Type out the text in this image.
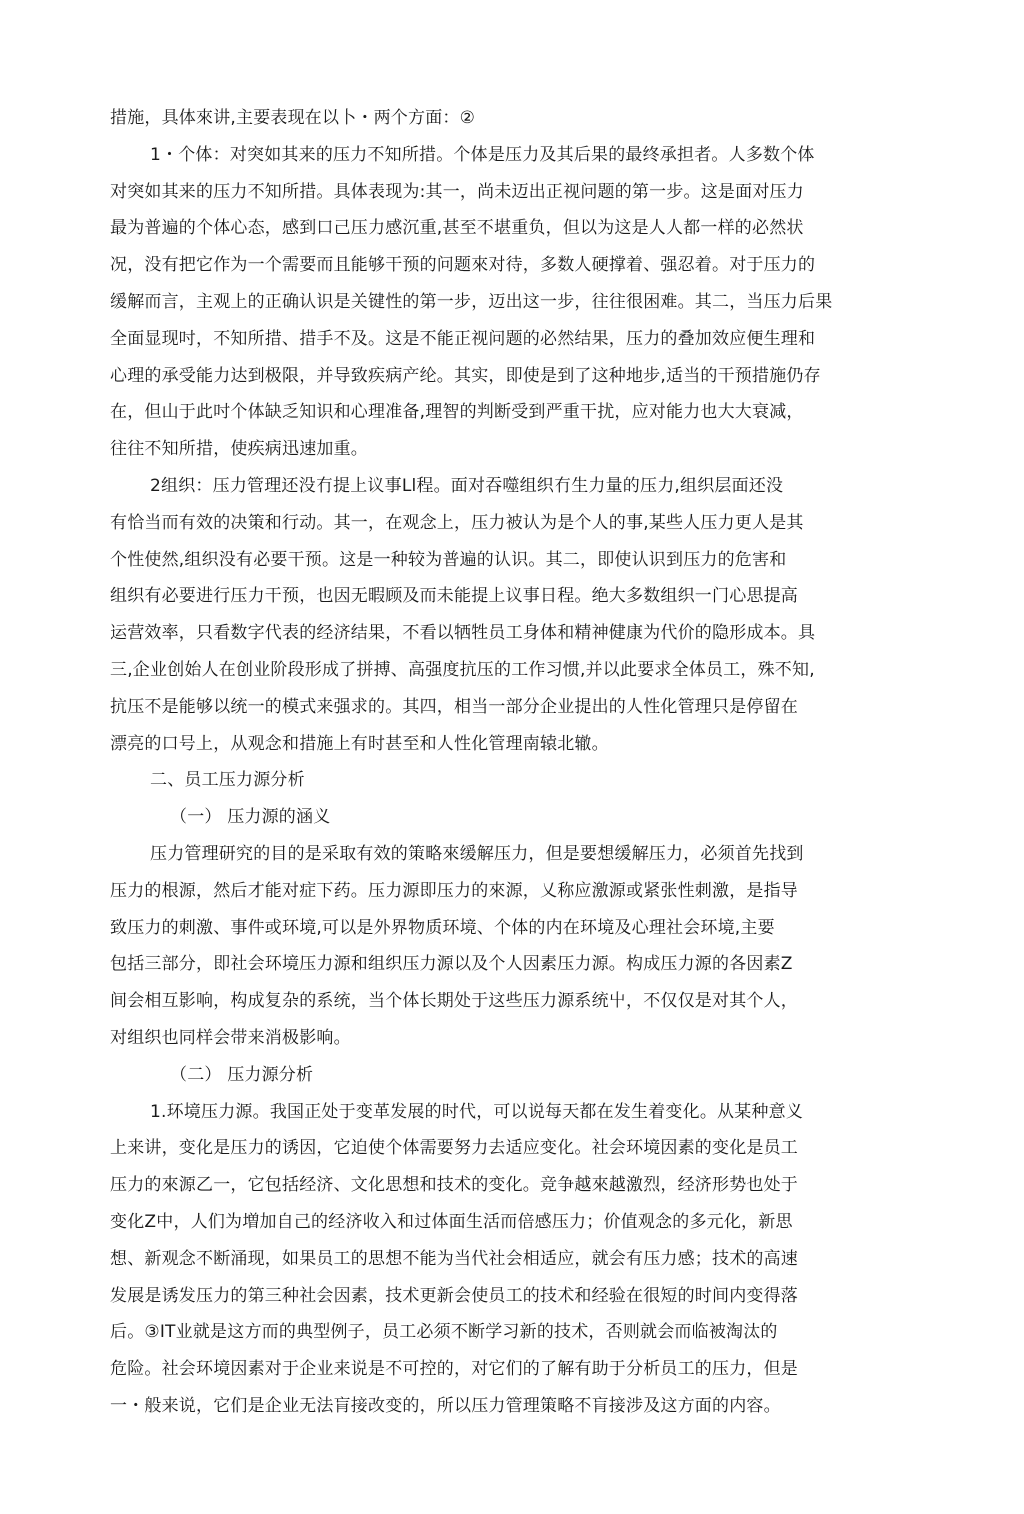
措施，具体來讲,主要表现在以卜・两个方面：②
1・个体：对突如其来的压力不知所措。个体是压力及其后果的最终承担者。人多数个体
对突如其来的压力不知所措。具体表现为:其一，尚未迈出正视问题的第一步。这是面对压力
最为普遍的个体心态，感到口己压力感沉重,甚至不堪重负，但以为这是人人都一样的必然状
况，没有把它作为一个需要而且能够干预的问题來对待，多数人硬撑着、强忍着。对于压力的
缓解而言，主观上的正确认识是关键性的第一步，迈出这一步，往往很困难。其二，当压力后果
全面显现吋，不知所措、措手不及。这是不能正视问题的必然结果，压力的叠加效应便生理和
心理的承受能力达到极限，并导致疾病产纶。其实，即使是到了这种地步,适当的干预措施仍存
在，但山于此吋个体缺乏知识和心理准备,理智的判断受到严重干扰，应对能力也大大衰减，
往往不知所措，使疾病迅速加重。
2组织：压力管理还没冇提上议事Ll程。面对吞噬组织冇生力量的压力,组织层面还没
有恰当而有效的决策和行动。其一，在观念上，压力被认为是个人的事,某些人压力更人是其
个性使然,组织没有必要干预。这是一种较为普遍的认识。其二，即使认识到压力的危害和
组织有必要进行压力干预，也因无暇顾及而未能提上议事日程。绝大多数组织一门心思提高
运营效率，只看数字代表的经济结果，不看以牺牲员工身体和精神健康为代价的隐形成本。具
三,企业创始人在创业阶段形成了拼搏、高强度抗压的工作习惯,并以此要求全体员工，殊不知,
抗压不是能够以统一的模式来强求的。其四，相当一部分企业提出的人性化管理只是停留在
漂亮的口号上，从观念和措施上有时甚至和人性化管理南辕北辙。
二、员工压力源分析
（一） 压力源的涵义
压力管理研究的目的是采取有效的策略來缓解压力，但是要想缓解压力，必须首先找到
压力的根源，然后才能对症下药。压力源即压力的來源，乂称应激源或紧张性刺激，是指导
致压力的刺激、事件或环境,可以是外界物质环境、个体的内在环境及心理社会环境,主要
包括三部分，即社会环境压力源和组织压力源以及个人因素压力源。构成压力源的各因素Z
间会相互影响，构成复杂的系统，当个体长期处于这些压力源系统屮，不仅仅是对其个人，
对组织也同样会带来消极影响。
（二） 压力源分析
1.环境压力源。我国正处于变革发展的时代，可以说每天都在发生着变化。从某种意义
上来讲，变化是压力的诱因，它迫使个体需要努力去适应变化。社会环境因素的变化是员工
压力的來源乙一，它包括经济、文化思想和技术的变化。竞争越來越激烈，经济形势也处于
变化Z中，人们为増加自己的经济收入和过体面生活而倍感压力；价值观念的多元化，新思
想、新观念不断涌现，如果员工的思想不能为当代社会相适应，就会有压力感；技术的高速
发展是诱发压力的第三种社会因素，技术更新会使员工的技术和经验在很短的时间内变得落
后。③IT业就是这方而的典型例子，员工必须不断学习新的技术，否则就会而临被淘汰的
危险。社会环境因素对于企业来说是不可控的，对它们的了解有助于分析员工的压力，但是
一・般来说，它们是企业无法肓接改变的，所以压力管理策略不肓接涉及这方面的内容。
